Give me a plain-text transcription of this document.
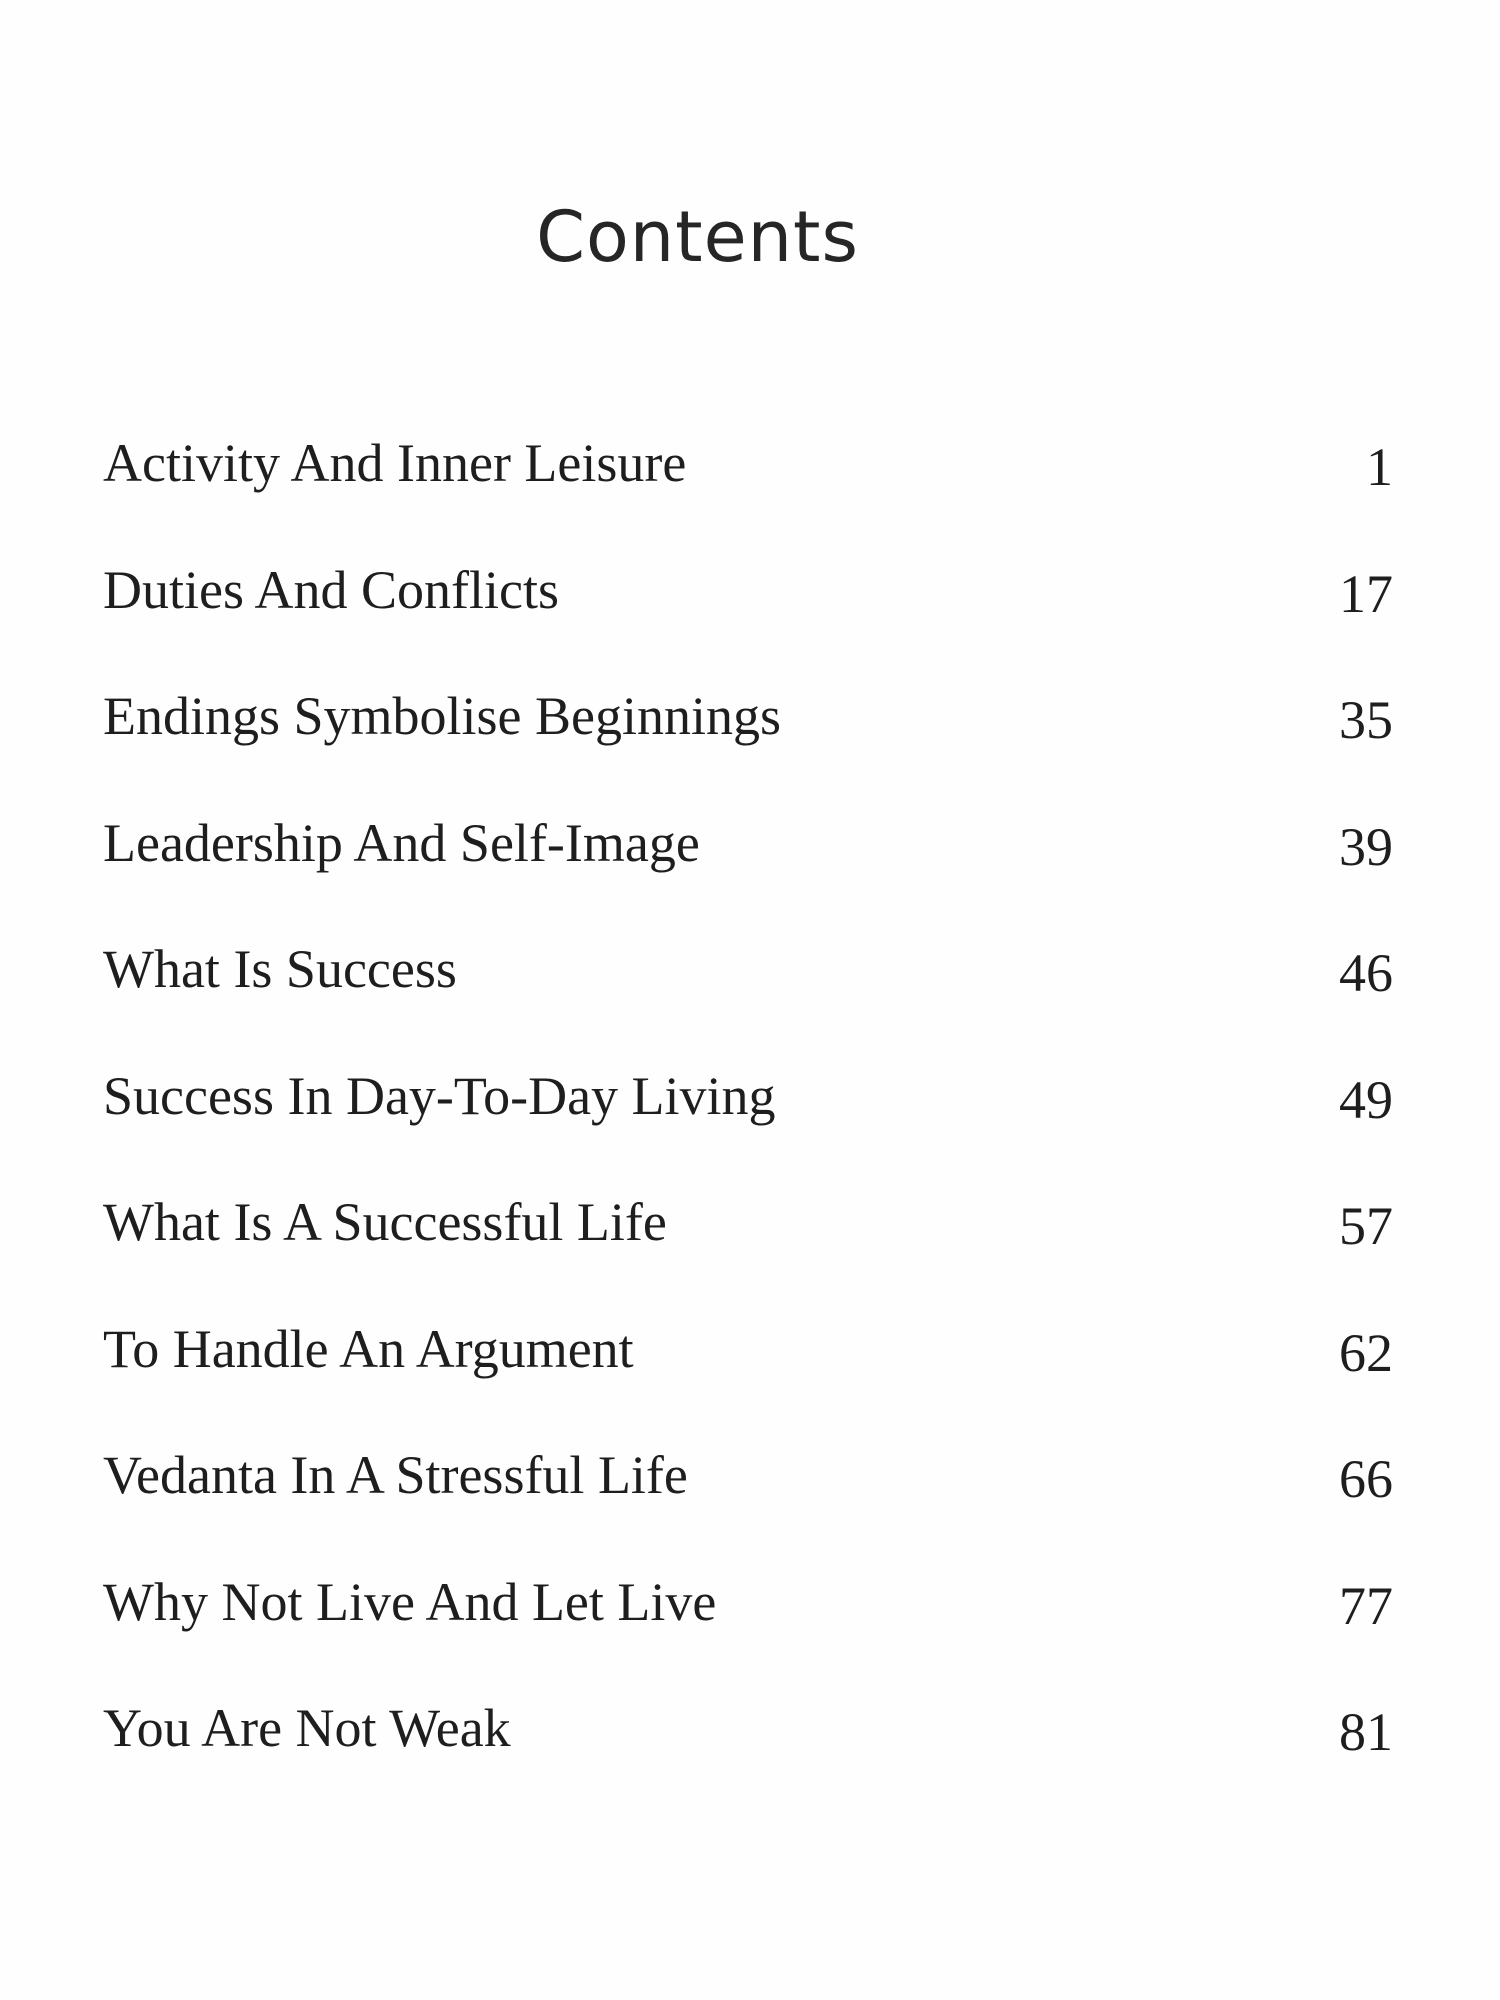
Contents
Activity And Inner Leisure	1
Duties And Conflicts	17
Endings Symbolise Beginnings	35
Leadership And Self-Image	39
What Is Success	46
Success In Day-To-Day Living	49
What Is A Successful Life	57
To Handle An Argument	62
Vedanta In A Stressful Life	66
Why Not Live And Let Live	77
You Are Not Weak	81
